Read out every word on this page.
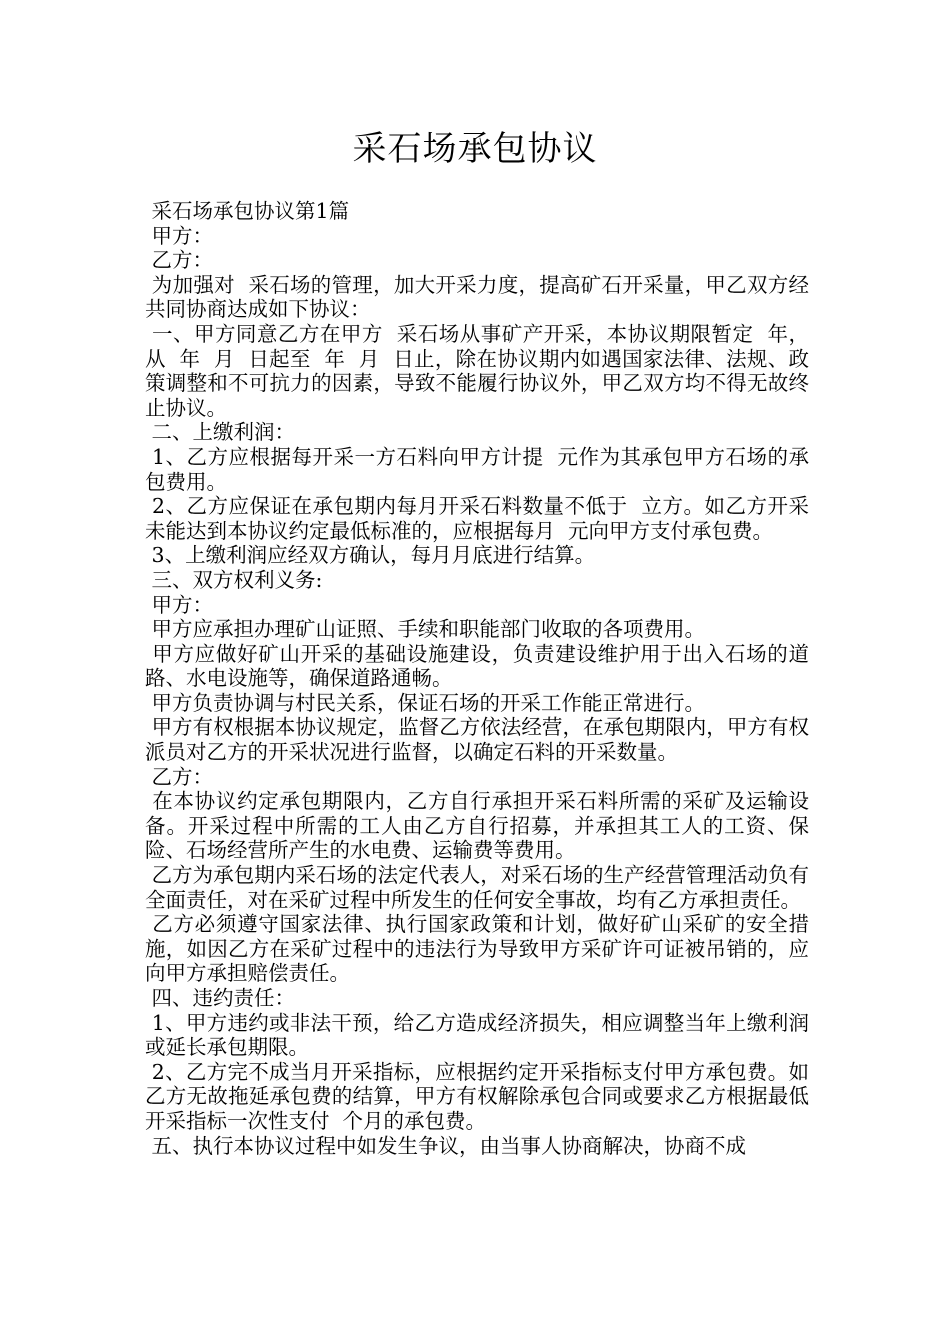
采石场承包协议

采石场承包协议第1篇

甲方：

乙方：

为加强对  采石场的管理，加大开采力度，提高矿石开采量，甲乙双方经共同协商达成如下协议：

一、甲方同意乙方在甲方  采石场从事矿产开采，本协议期限暂定  年，从  年  月  日起至  年  月  日止，除在协议期内如遇国家法律、法规、政策调整和不可抗力的因素，导致不能履行协议外，甲乙双方均不得无故终止协议。

二、上缴利润：

1、乙方应根据每开采一方石料向甲方计提  元作为其承包甲方石场的承包费用。

2、乙方应保证在承包期内每月开采石料数量不低于  立方。如乙方开采未能达到本协议约定最低标准的，应根据每月  元向甲方支付承包费。

3、上缴利润应经双方确认，每月月底进行结算。

三、双方权利义务:

甲方：

甲方应承担办理矿山证照、手续和职能部门收取的各项费用。

甲方应做好矿山开采的基础设施建设，负责建设维护用于出入石场的道路、水电设施等，确保道路通畅。

甲方负责协调与村民关系，保证石场的开采工作能正常进行。

甲方有权根据本协议规定，监督乙方依法经营，在承包期限内，甲方有权派员对乙方的开采状况进行监督，以确定石料的开采数量。

乙方：

在本协议约定承包期限内，乙方自行承担开采石料所需的采矿及运输设备。开采过程中所需的工人由乙方自行招募，并承担其工人的工资、保险、石场经营所产生的水电费、运输费等费用。

乙方为承包期内采石场的法定代表人，对采石场的生产经营管理活动负有全面责任，对在采矿过程中所发生的任何安全事故，均有乙方承担责任。

乙方必须遵守国家法律、执行国家政策和计划，做好矿山采矿的安全措施，如因乙方在采矿过程中的违法行为导致甲方采矿许可证被吊销的，应向甲方承担赔偿责任。

四、违约责任：

1、甲方违约或非法干预，给乙方造成经济损失，相应调整当年上缴利润或延长承包期限。

2、乙方完不成当月开采指标，应根据约定开采指标支付甲方承包费。如乙方无故拖延承包费的结算，甲方有权解除承包合同或要求乙方根据最低开采指标一次性支付  个月的承包费。

五、执行本协议过程中如发生争议，由当事人协商解决，协商不成
